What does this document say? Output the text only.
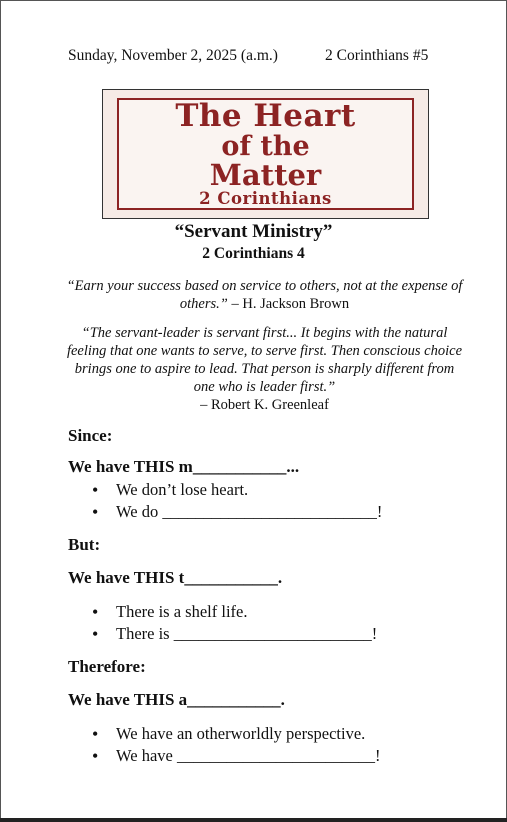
Sunday, November 2, 2025 (a.m.)	2 Corinthians #5
The Heart
of the
Matter
2 Corinthians
“Servant Ministry”
2 Corinthians 4
“Earn your success based on service to others, not at the expense of others.” – H. Jackson Brown
“The servant-leader is servant first... It begins with the natural feeling that one wants to serve, to serve first. Then conscious choice brings one to aspire to lead. That person is sharply different from one who is leader first.”
– Robert K. Greenleaf
Since:
We have THIS m___________...
• We don’t lose heart.
• We do __________________________!
But:
We have THIS t___________.
• There is a shelf life.
• There is ________________________!
Therefore:
We have THIS a___________.
• We have an otherworldly perspective.
• We have ________________________!
